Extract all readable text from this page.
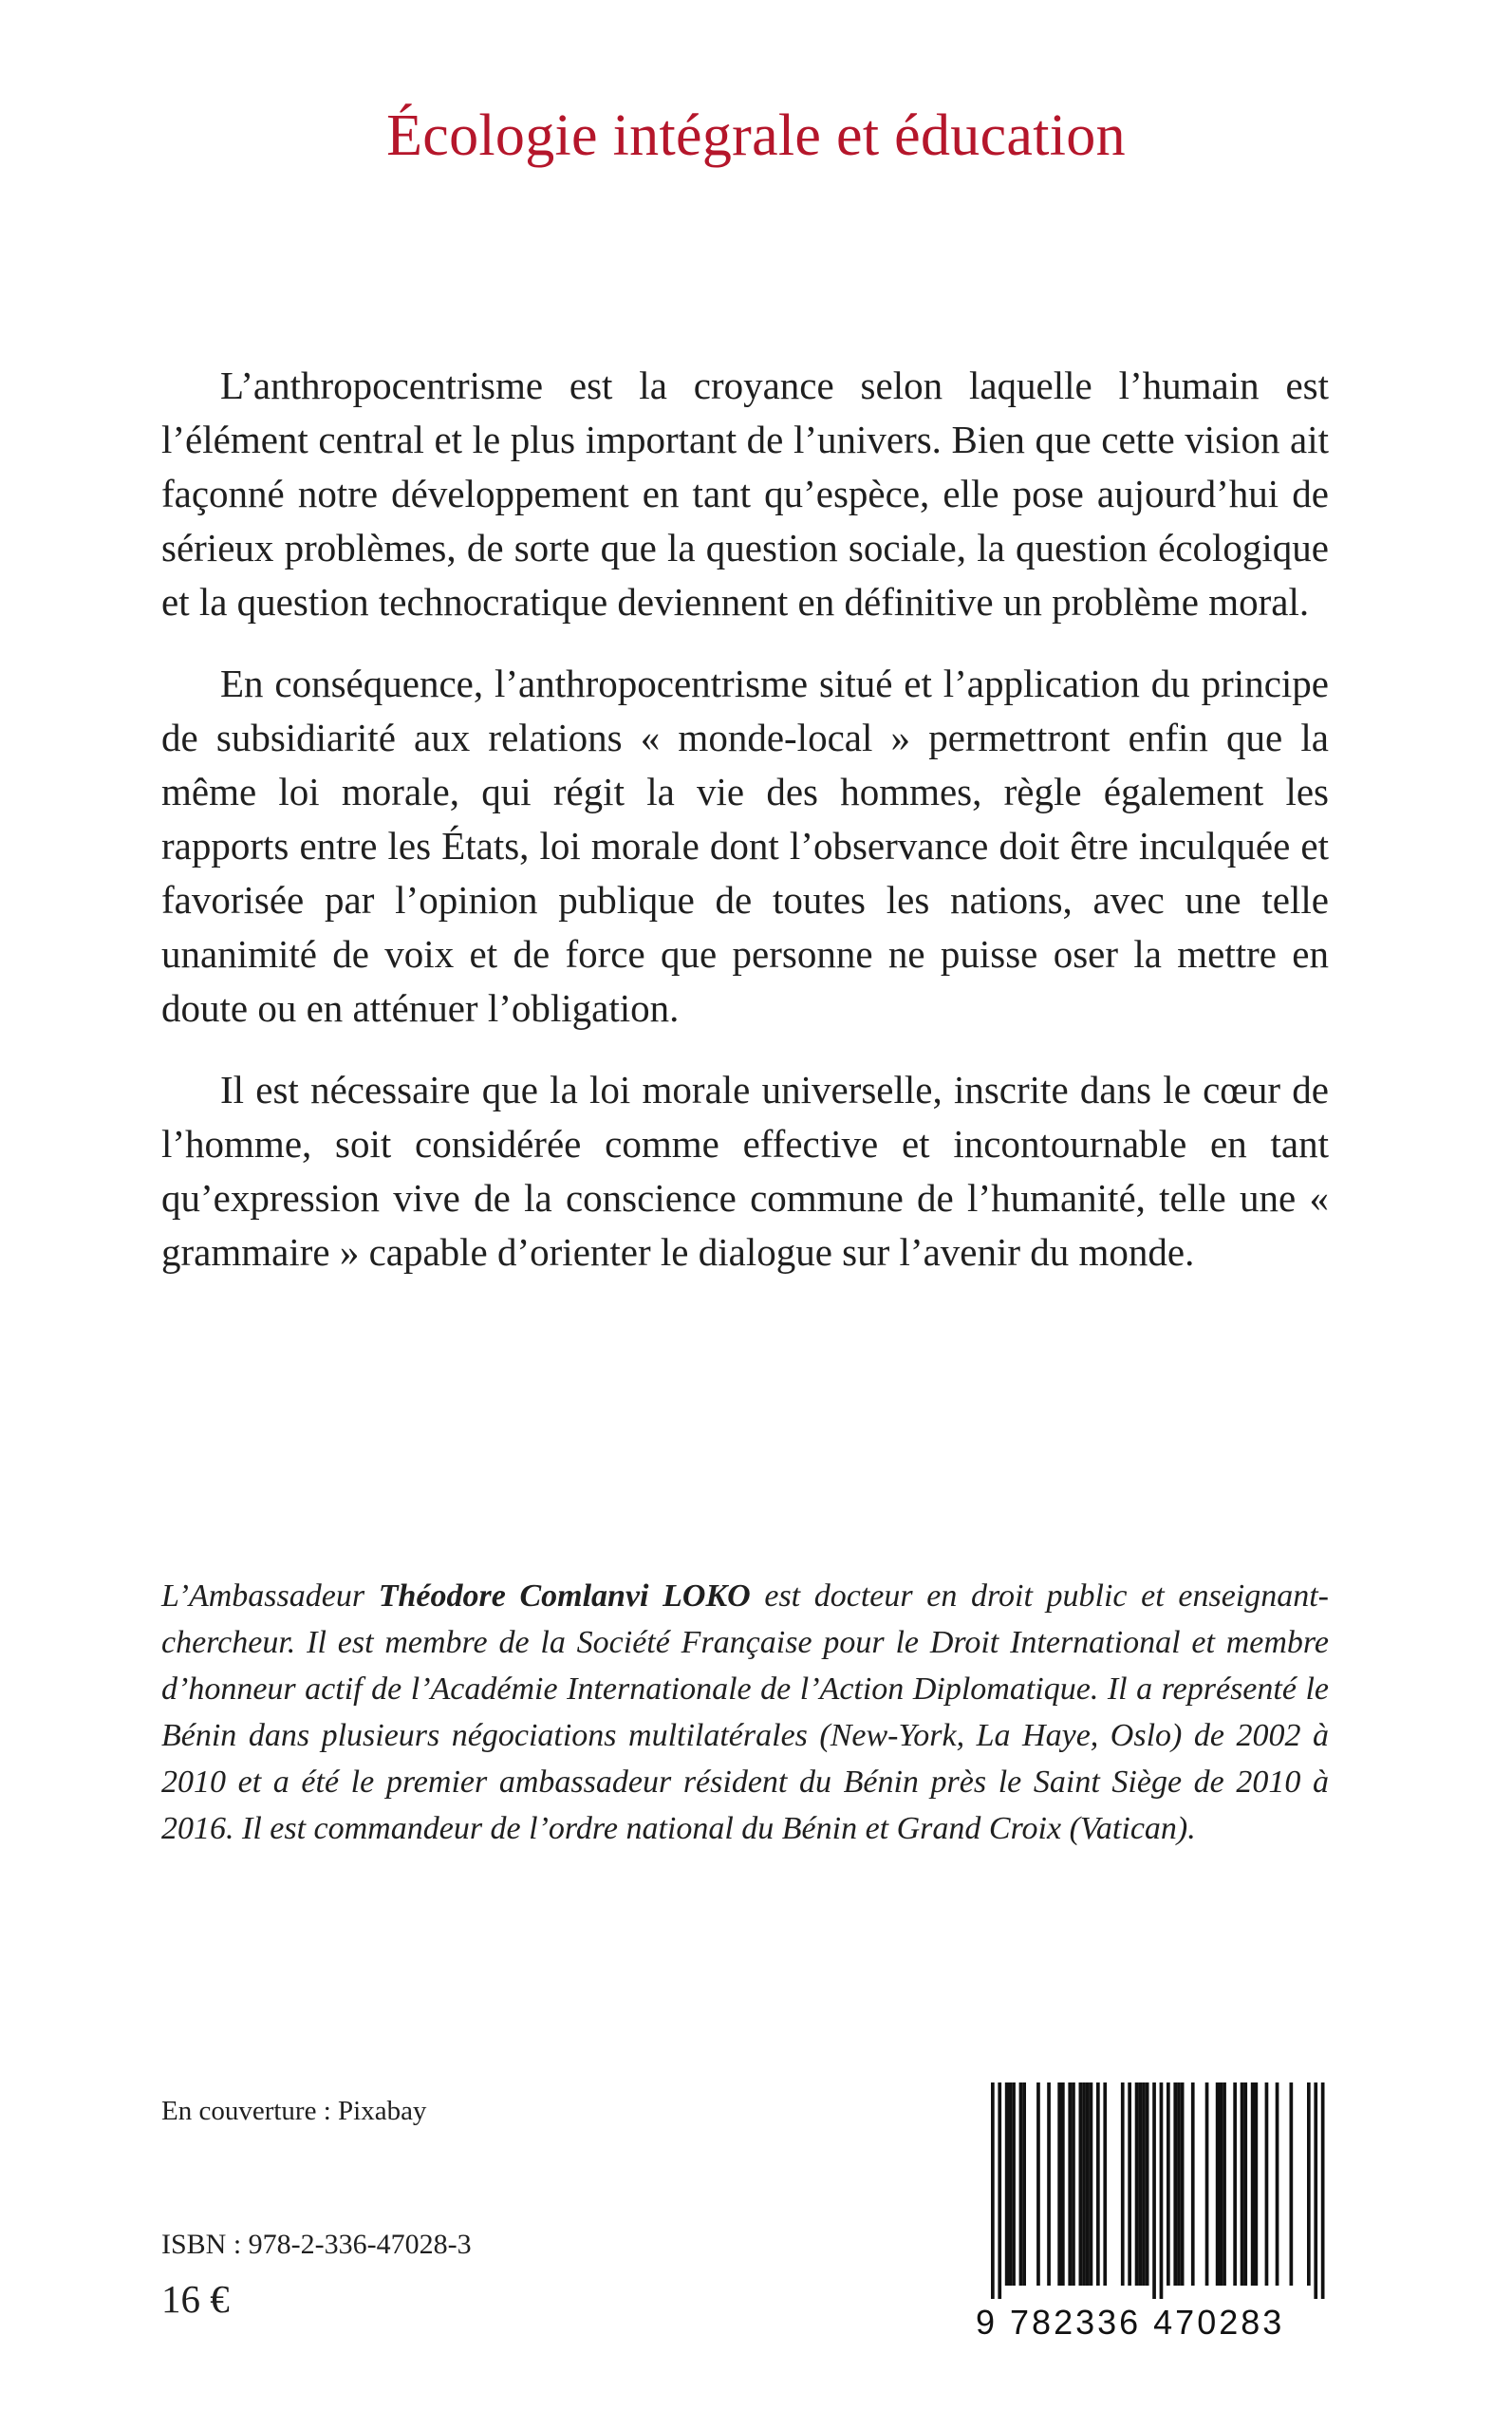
Écologie intégrale et éducation

L’anthropocentrisme est la croyance selon laquelle l’humain est l’élément central et le plus important de l’univers. Bien que cette vision ait façonné notre développement en tant qu’espèce, elle pose aujourd’hui de sérieux problèmes, de sorte que la question sociale, la question écologique et la question technocratique deviennent en définitive un problème moral.

En conséquence, l’anthropocentrisme situé et l’application du principe de subsidiarité aux relations « monde-local » permettront enfin que la même loi morale, qui régit la vie des hommes, règle également les rapports entre les États, loi morale dont l’observance doit être inculquée et favorisée par l’opinion publique de toutes les nations, avec une telle unanimité de voix et de force que personne ne puisse oser la mettre en doute ou en atténuer l’obligation.

Il est nécessaire que la loi morale universelle, inscrite dans le cœur de l’homme, soit considérée comme effective et incontournable en tant qu’expression vive de la conscience commune de l’humanité, telle une « grammaire » capable d’orienter le dialogue sur l’avenir du monde.

L’Ambassadeur Théodore Comlanvi LOKO est docteur en droit public et enseignant-chercheur. Il est membre de la Société Française pour le Droit International et membre d’honneur actif de l’Académie Internationale de l’Action Diplomatique. Il a représenté le Bénin dans plusieurs négociations multilatérales (New-York, La Haye, Oslo) de 2002 à 2010 et a été le premier ambassadeur résident du Bénin près le Saint Siège de 2010 à 2016. Il est commandeur de l’ordre national du Bénin et Grand Croix (Vatican).

En couverture : Pixabay

ISBN : 978-2-336-47028-3

16 €

9 782336 470283
